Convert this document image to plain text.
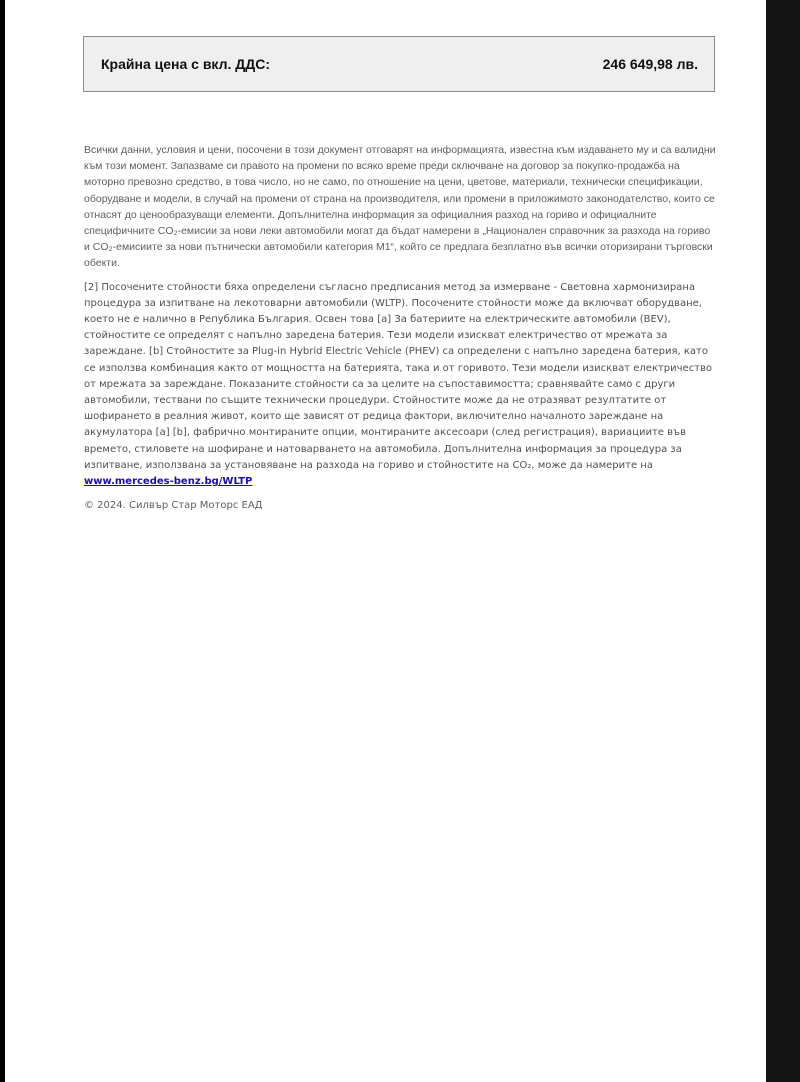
Крайна цена с вкл. ДДС:	246 649,98 лв.

Всички данни, условия и цени, посочени в този документ отговарят на информацията, известна към издаването му и са валидни към този момент. Запазваме си правото на промени по всяко време преди сключване на договор за покупко-продажба на моторно превозно средство, в това число, но не само, по отношение на цени, цветове, материали, технически спецификации, оборудване и модели, в случай на промени от страна на производителя, или промени в приложимото законодателство, които се отнасят до ценообразуващи елементи. Допълнителна информация за официалния разход на гориво и официалните специфичните CO₂-емисии за нови леки автомобили могат да бъдат намерени в „Национален справочник за разхода на гориво и CO₂-емисиите за нови пътнически автомобили категория M1“, който се предлага безплатно във всички оторизирани търговски обекти.

[2] Посочените стойности бяха определени съгласно предписания метод за измерване - Световна хармонизирана процедура за изпитване на лекотоварни автомобили (WLTP). Посочените стойности може да включват оборудване, което не е налично в Република България. Освен това [a] За батериите на електрическите автомобили (BEV), стойностите се определят с напълно заредена батерия. Тези модели изискват електричество от мрежата за зареждане. [b] Стойностите за Plug-in Hybrid Electric Vehicle (PHEV) са определени с напълно заредена батерия, като се използва комбинация както от мощността на батерията, така и от горивото. Тези модели изискват електричество от мрежата за зареждане. Показаните стойности са за целите на съпоставимостта; сравнявайте само с други автомобили, тествани по същите технически процедури. Стойностите може да не отразяват резултатите от шофирането в реалния живот, които ще зависят от редица фактори, включително началното зареждане на акумулатора [a] [b], фабрично монтираните опции, монтираните аксесоари (след регистрация), вариациите във времето, стиловете на шофиране и натоварването на автомобила. Допълнителна информация за процедура за изпитване, използвана за установяване на разхода на гориво и стойностите на CO₂, може да намерите на www.mercedes-benz.bg/WLTP

© 2024. Силвър Стар Моторс ЕАД
